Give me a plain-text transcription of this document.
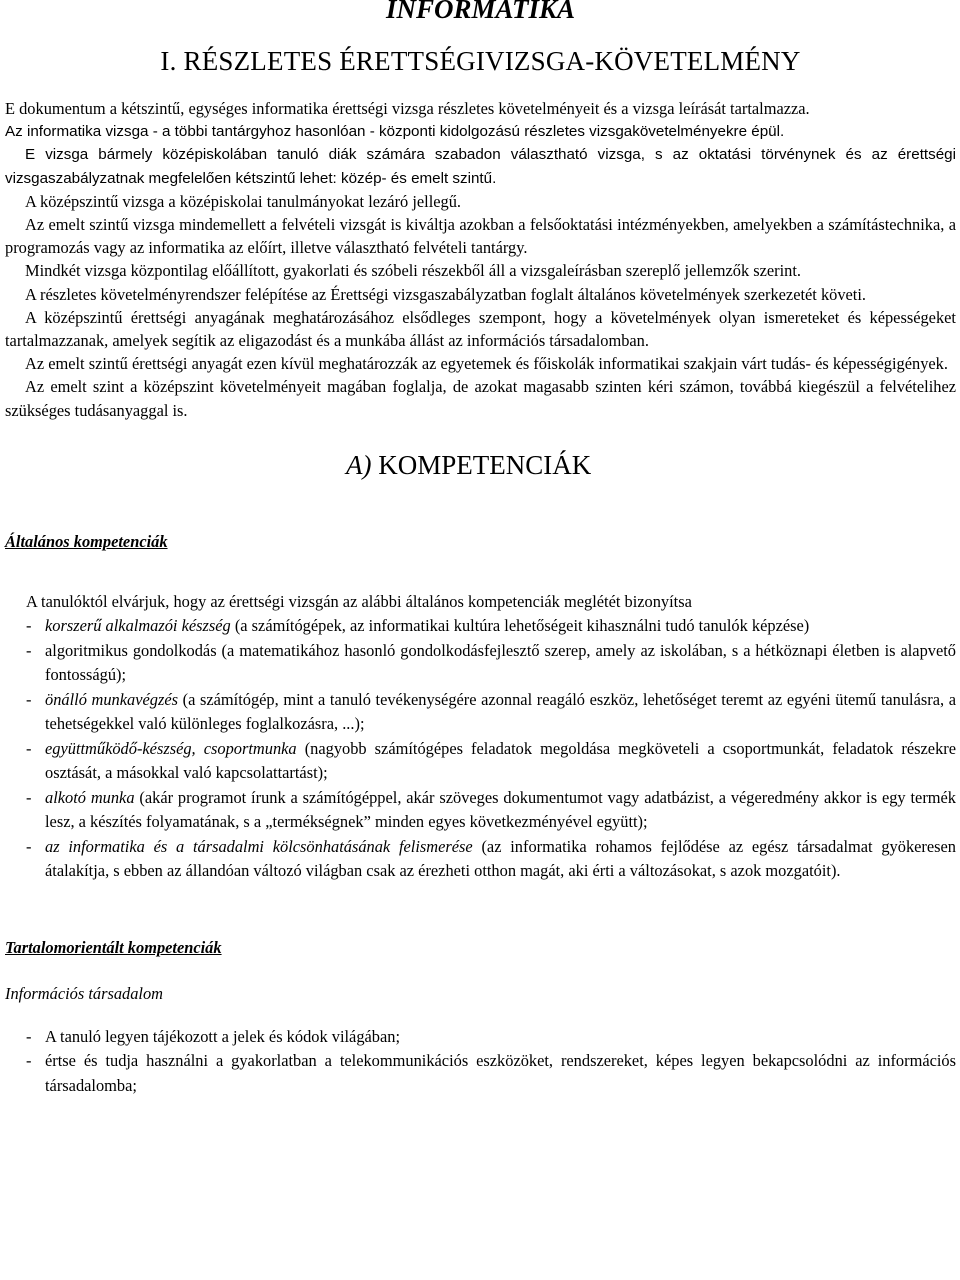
INFORMATIKA
I. RÉSZLETES ÉRETTSÉGIVIZSGA-KÖVETELMÉNY

E dokumentum a kétszintű, egységes informatika érettségi vizsga részletes követelményeit és a vizsga leírását tartalmazza.

Az informatika vizsga - a többi tantárgyhoz hasonlóan - központi kidolgozású részletes vizsgakövetelményekre épül.

E vizsga bármely középiskolában tanuló diák számára szabadon választható vizsga, s az oktatási törvénynek és az érettségi vizsgaszabályzatnak megfelelően kétszintű lehet: közép- és emelt szintű.

A középszintű vizsga a középiskolai tanulmányokat lezáró jellegű.

Az emelt szintű vizsga mindemellett a felvételi vizsgát is kiváltja azokban a felsőoktatási intézményekben, amelyekben a számítástechnika, a programozás vagy az informatika az előírt, illetve választható felvételi tantárgy.

Mindkét vizsga központilag előállított, gyakorlati és szóbeli részekből áll a vizsgaleírásban szereplő jellemzők szerint.

A részletes követelményrendszer felépítése az Érettségi vizsgaszabályzatban foglalt általános követelmények szerkezetét követi.

A középszintű érettségi anyagának meghatározásához elsődleges szempont, hogy a követelmények olyan ismereteket és képességeket tartalmazzanak, amelyek segítik az eligazodást és a munkába állást az információs társadalomban.

Az emelt szintű érettségi anyagát ezen kívül meghatározzák az egyetemek és főiskolák informatikai szakjain várt tudás- és képességigények.

Az emelt szint a középszint követelményeit magában foglalja, de azokat magasabb szinten kéri számon, továbbá kiegészül a felvételihez szükséges tudásanyaggal is.

A) KOMPETENCIÁK
Általános kompetenciák
A tanulóktól elvárjuk, hogy az érettségi vizsgán az alábbi általános kompetenciák meglétét bizonyítsa
- korszerű alkalmazói készség (a számítógépek, az informatikai kultúra lehetőségeit kihasználni tudó tanulók képzése)
- algoritmikus gondolkodás (a matematikához hasonló gondolkodásfejlesztő szerep, amely az iskolában, s a hétköznapi életben is alapvető fontosságú);
- önálló munkavégzés (a számítógép, mint a tanuló tevékenységére azonnal reagáló eszköz, lehetőséget teremt az egyéni ütemű tanulásra, a tehetségekkel való különleges foglalkozásra, ...);
- együttműködő-készség, csoportmunka (nagyobb számítógépes feladatok megoldása megköveteli a csoportmunkát, feladatok részekre osztását, a másokkal való kapcsolattartást);
- alkotó munka (akár programot írunk a számítógéppel, akár szöveges dokumentumot vagy adatbázist, a végeredmény akkor is egy termék lesz, a készítés folyamatának, s a „termékségnek” minden egyes következményével együtt);
- az informatika és a társadalmi kölcsönhatásának felismerése (az informatika rohamos fejlődése az egész társadalmat gyökeresen átalakítja, s ebben az állandóan változó világban csak az érezheti otthon magát, aki érti a változásokat, s azok mozgatóit).
Tartalomorientált kompetenciák
Információs társadalom
- A tanuló legyen tájékozott a jelek és kódok világában;
- értse és tudja használni a gyakorlatban a telekommunikációs eszközöket, rendszereket, képes legyen bekapcsolódni az információs társadalomba;
